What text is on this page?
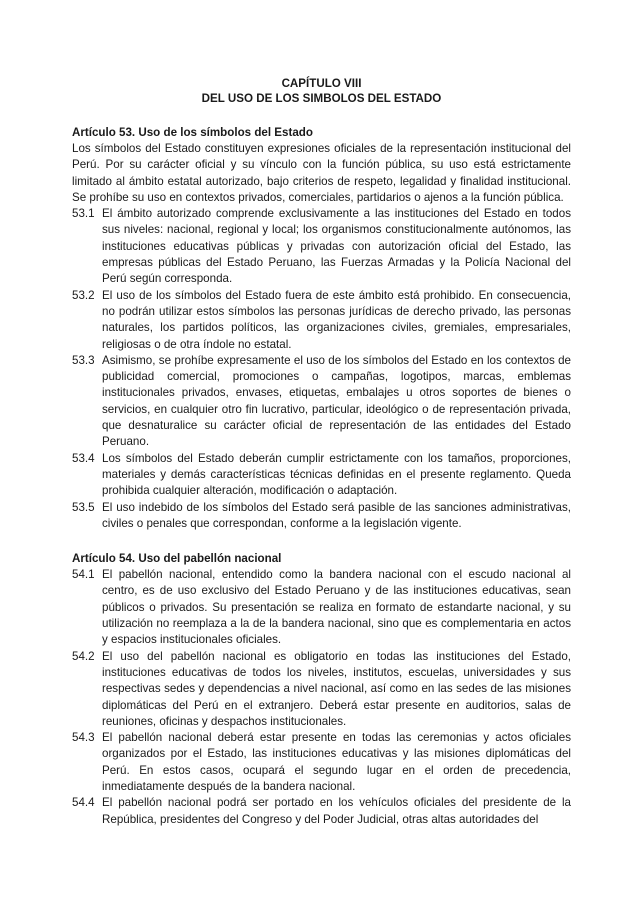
CAPÍTULO VIII
DEL USO DE LOS SIMBOLOS DEL ESTADO
Artículo 53. Uso de los símbolos del Estado
Los símbolos del Estado constituyen expresiones oficiales de la representación institucional del Perú. Por su carácter oficial y su vínculo con la función pública, su uso está estrictamente limitado al ámbito estatal autorizado, bajo criterios de respeto, legalidad y finalidad institucional. Se prohíbe su uso en contextos privados, comerciales, partidarios o ajenos a la función pública.
53.1 El ámbito autorizado comprende exclusivamente a las instituciones del Estado en todos sus niveles: nacional, regional y local; los organismos constitucionalmente autónomos, las instituciones educativas públicas y privadas con autorización oficial del Estado, las empresas públicas del Estado Peruano, las Fuerzas Armadas y la Policía Nacional del Perú según corresponda.
53.2 El uso de los símbolos del Estado fuera de este ámbito está prohibido. En consecuencia, no podrán utilizar estos símbolos las personas jurídicas de derecho privado, las personas naturales, los partidos políticos, las organizaciones civiles, gremiales, empresariales, religiosas o de otra índole no estatal.
53.3 Asimismo, se prohíbe expresamente el uso de los símbolos del Estado en los contextos de publicidad comercial, promociones o campañas, logotipos, marcas, emblemas institucionales privados, envases, etiquetas, embalajes u otros soportes de bienes o servicios, en cualquier otro fin lucrativo, particular, ideológico o de representación privada, que desnaturalice su carácter oficial de representación de las entidades del Estado Peruano.
53.4 Los símbolos del Estado deberán cumplir estrictamente con los tamaños, proporciones, materiales y demás características técnicas definidas en el presente reglamento. Queda prohibida cualquier alteración, modificación o adaptación.
53.5 El uso indebido de los símbolos del Estado será pasible de las sanciones administrativas, civiles o penales que correspondan, conforme a la legislación vigente.
Artículo 54. Uso del pabellón nacional
54.1 El pabellón nacional, entendido como la bandera nacional con el escudo nacional al centro, es de uso exclusivo del Estado Peruano y de las instituciones educativas, sean públicos o privados. Su presentación se realiza en formato de estandarte nacional, y su utilización no reemplaza a la de la bandera nacional, sino que es complementaria en actos y espacios institucionales oficiales.
54.2 El uso del pabellón nacional es obligatorio en todas las instituciones del Estado, instituciones educativas de todos los niveles, institutos, escuelas, universidades y sus respectivas sedes y dependencias a nivel nacional, así como en las sedes de las misiones diplomáticas del Perú en el extranjero. Deberá estar presente en auditorios, salas de reuniones, oficinas y despachos institucionales.
54.3 El pabellón nacional deberá estar presente en todas las ceremonias y actos oficiales organizados por el Estado, las instituciones educativas y las misiones diplomáticas del Perú. En estos casos, ocupará el segundo lugar en el orden de precedencia, inmediatamente después de la bandera nacional.
54.4 El pabellón nacional podrá ser portado en los vehículos oficiales del presidente de la República, presidentes del Congreso y del Poder Judicial, otras altas autoridades del
